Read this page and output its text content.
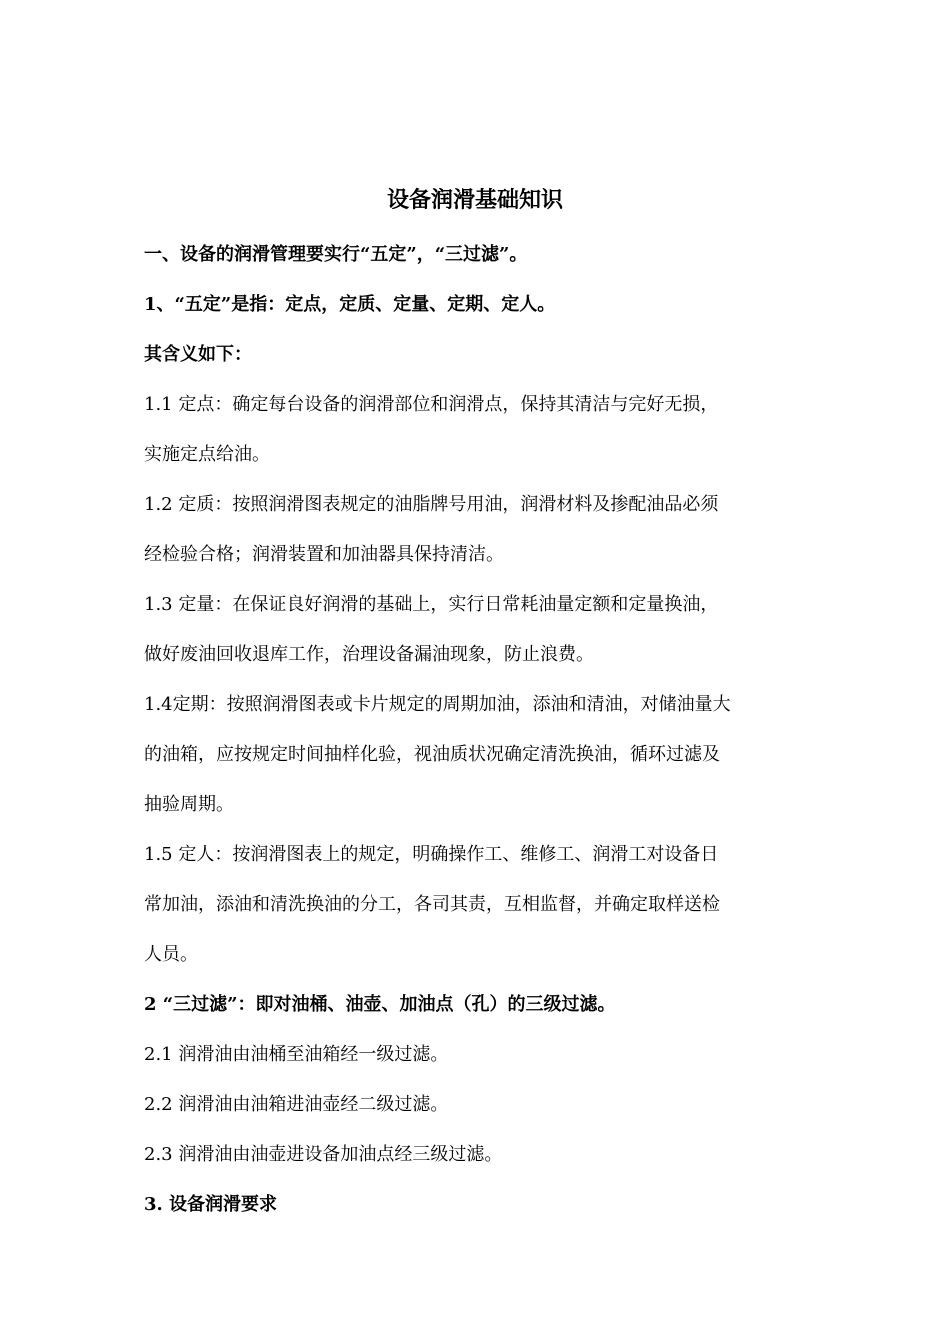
设备润滑基础知识

一、设备的润滑管理要实行“五定”，“三过滤”。

1、“五定”是指：定点，定质、定量、定期、定人。

其含义如下：

1.1 定点：确定每台设备的润滑部位和润滑点，保持其清洁与完好无损，

实施定点给油。

1.2 定质：按照润滑图表规定的油脂牌号用油，润滑材料及掺配油品必须

经检验合格；润滑装置和加油器具保持清洁。

1.3 定量：在保证良好润滑的基础上，实行日常耗油量定额和定量换油，

做好废油回收退库工作，治理设备漏油现象，防止浪费。

1.4定期：按照润滑图表或卡片规定的周期加油，添油和清油，对储油量大

的油箱，应按规定时间抽样化验，视油质状况确定清洗换油，循环过滤及

抽验周期。

1.5 定人：按润滑图表上的规定，明确操作工、维修工、润滑工对设备日

常加油，添油和清洗换油的分工，各司其责，互相监督，并确定取样送检

人员。

2 “三过滤”：即对油桶、油壶、加油点（孔）的三级过滤。

2.1 润滑油由油桶至油箱经一级过滤。

2.2 润滑油由油箱进油壶经二级过滤。

2.3 润滑油由油壶进设备加油点经三级过滤。

3. 设备润滑要求
